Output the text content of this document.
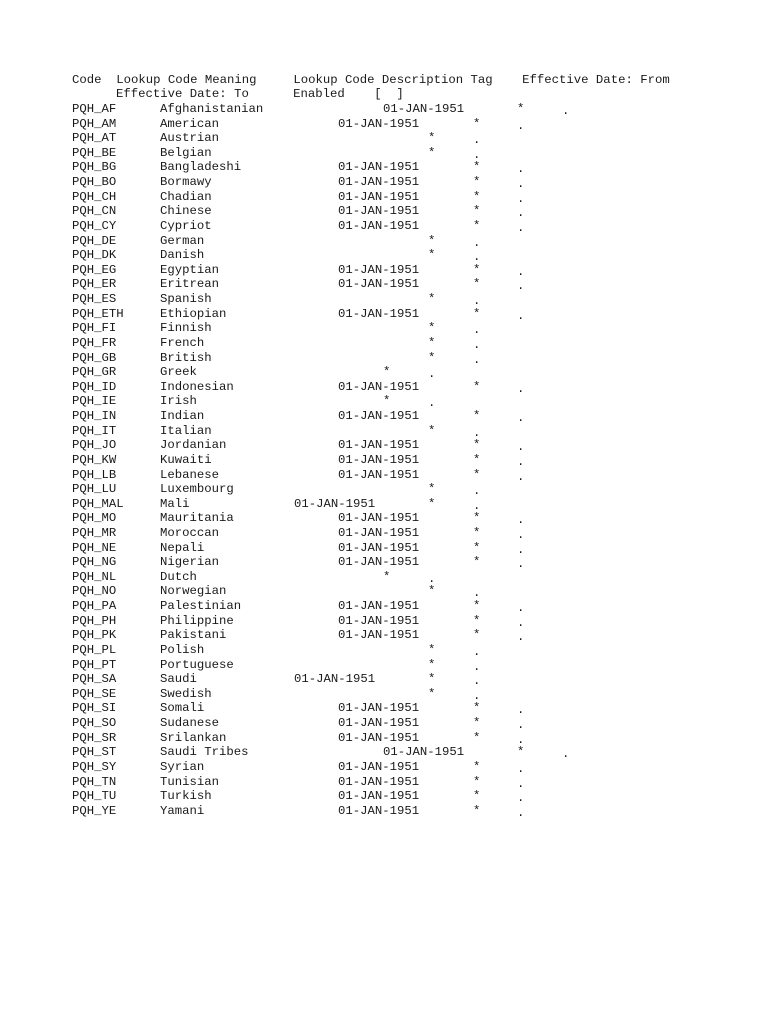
Code  Lookup Code Meaning     Lookup Code Description Tag    Effective Date: From
Effective Date: To      Enabled    [  ]
PQH_AF	Afghanistanian	01-JAN-1951	*	.
PQH_AM	American	01-JAN-1951	*	.
PQH_AT	Austrian	*	.
PQH_BE	Belgian	*	.
PQH_BG	Bangladeshi	01-JAN-1951	*	.
PQH_BO	Bormawy	01-JAN-1951	*	.
PQH_CH	Chadian	01-JAN-1951	*	.
PQH_CN	Chinese	01-JAN-1951	*	.
PQH_CY	Cypriot	01-JAN-1951	*	.
PQH_DE	German	*	.
PQH_DK	Danish	*	.
PQH_EG	Egyptian	01-JAN-1951	*	.
PQH_ER	Eritrean	01-JAN-1951	*	.
PQH_ES	Spanish	*	.
PQH_ETH	Ethiopian	01-JAN-1951	*	.
PQH_FI	Finnish	*	.
PQH_FR	French	*	.
PQH_GB	British	*	.
PQH_GR	Greek	*	.
PQH_ID	Indonesian	01-JAN-1951	*	.
PQH_IE	Irish	*	.
PQH_IN	Indian	01-JAN-1951	*	.
PQH_IT	Italian	*	.
PQH_JO	Jordanian	01-JAN-1951	*	.
PQH_KW	Kuwaiti	01-JAN-1951	*	.
PQH_LB	Lebanese	01-JAN-1951	*	.
PQH_LU	Luxembourg	*	.
PQH_MAL	Mali	01-JAN-1951	*	.
PQH_MO	Mauritania	01-JAN-1951	*	.
PQH_MR	Moroccan	01-JAN-1951	*	.
PQH_NE	Nepali	01-JAN-1951	*	.
PQH_NG	Nigerian	01-JAN-1951	*	.
PQH_NL	Dutch	*	.
PQH_NO	Norwegian	*	.
PQH_PA	Palestinian	01-JAN-1951	*	.
PQH_PH	Philippine	01-JAN-1951	*	.
PQH_PK	Pakistani	01-JAN-1951	*	.
PQH_PL	Polish	*	.
PQH_PT	Portuguese	*	.
PQH_SA	Saudi	01-JAN-1951	*	.
PQH_SE	Swedish	*	.
PQH_SI	Somali	01-JAN-1951	*	.
PQH_SO	Sudanese	01-JAN-1951	*	.
PQH_SR	Srilankan	01-JAN-1951	*	.
PQH_ST	Saudi Tribes	01-JAN-1951	*	.
PQH_SY	Syrian	01-JAN-1951	*	.
PQH_TN	Tunisian	01-JAN-1951	*	.
PQH_TU	Turkish	01-JAN-1951	*	.
PQH_YE	Yamani	01-JAN-1951	*	.
